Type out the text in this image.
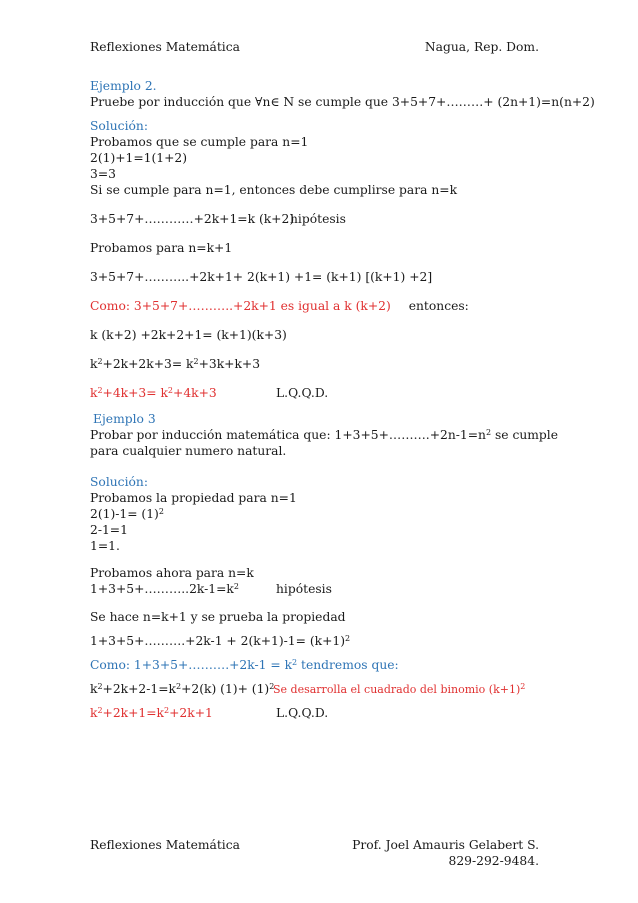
Reflexiones Matemática	Nagua, Rep. Dom.
Ejemplo 2.
Pruebe por inducción que ∀n∈ N se cumple que 3+5+7+………+ (2n+1)=n(n+2)
Solución:
Probamos que se cumple para n=1
2(1)+1=1(1+2)
3=3
Si se cumple para n=1, entonces debe cumplirse para n=k
3+5+7+…………+2k+1=k (k+2)
hipótesis
Probamos para n=k+1
3+5+7+………..+2k+1+ 2(k+1) +1= (k+1) [(k+1) +2]
Como: 3+5+7+………..+2k+1 es igual a k (k+2) entonces:
k (k+2) +2k+2+1= (k+1)(k+3)
$k^2+2k+2k+3= k^2+3k+k+3$
$k^2+4k+3= k^2+4k+3$	L.Q.Q.D.
Ejemplo 3
Probar por inducción matemática que: $1+3+5+\dots\dots\dots.+2n-1=n^2$ se cumple
para cualquier numero natural.
Solución:
Probamos la propiedad para n=1
$2(1)-1= (1)^2$
2-1=1
1=1.
Probamos ahora para n=k
$1+3+5+\dots\dots\dots..2k-1=k^2$	hipótesis
Se hace n=k+1 y se prueba la propiedad
1+3+5+……….+2k-1 + $2(k+1)-1= (k+1)^2$
Como: 1+3+5+……….+2k-1 = $k^2$ tendremos que:
$k^2+2k+2-1=k^2+2(k)$ $(1)+ (1)^2$
Se desarrolla el cuadrado del binomio $(k+1)^2$
$k^2+2k+1=k^2+2k+1$	L.Q.Q.D.
Reflexiones Matemática	Prof. Joel Amauris Gelabert S.
829-292-9484.
